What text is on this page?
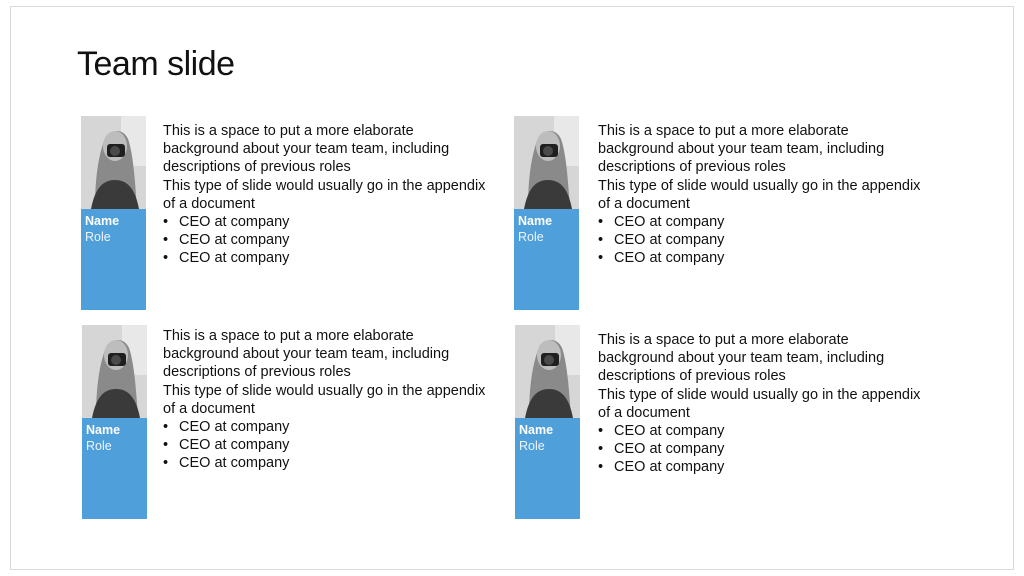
Team slide
Name
Role

This is a space to put a more elaborate background about your team team, including descriptions of previous roles

This type of slide would usually go in the appendix of a document

• CEO at company
• CEO at company
• CEO at company
Name
Role

This is a space to put a more elaborate background about your team team, including descriptions of previous roles

This type of slide would usually go in the appendix of a document

• CEO at company
• CEO at company
• CEO at company
Name
Role

This is a space to put a more elaborate background about your team team, including descriptions of previous roles

This type of slide would usually go in the appendix of a document

• CEO at company
• CEO at company
• CEO at company
Name
Role

This is a space to put a more elaborate background about your team team, including descriptions of previous roles

This type of slide would usually go in the appendix of a document

• CEO at company
• CEO at company
• CEO at company
